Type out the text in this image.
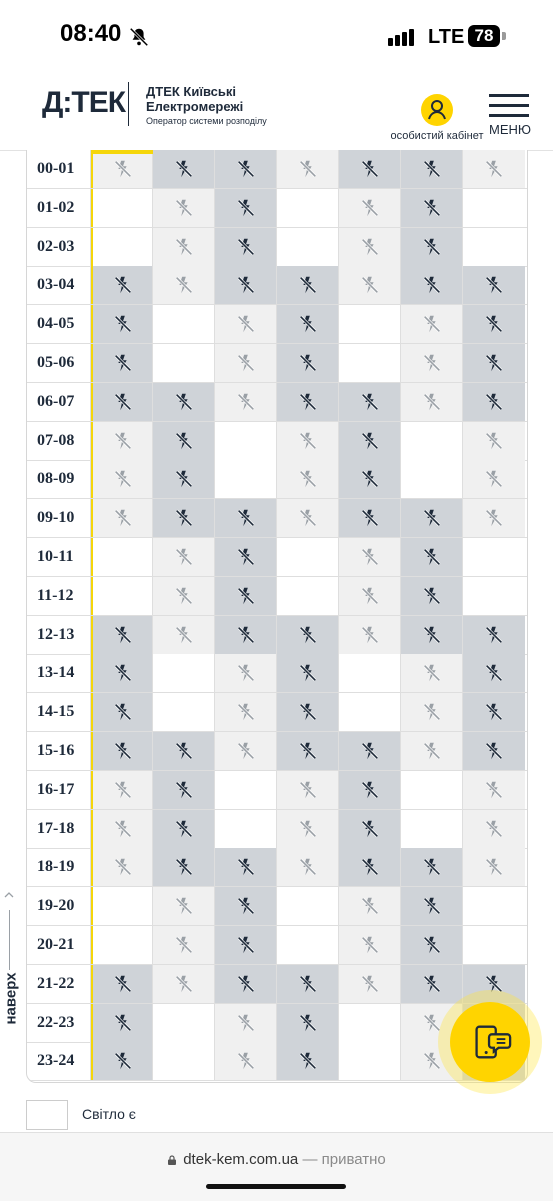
08:40	LTE 78
Д:ТЕК ДТЕК Київські Електромережі
Оператор системи розподілу
особистий кабінет МЕНЮ
00-01
01-02
02-03
03-04
04-05
05-06
06-07
07-08
08-09
09-10
10-11
11-12
12-13
13-14
14-15
15-16
16-17
17-18
18-19
19-20
20-21
21-22
22-23
23-24
наверх
Світло є
dtek-kem.com.ua — приватно
